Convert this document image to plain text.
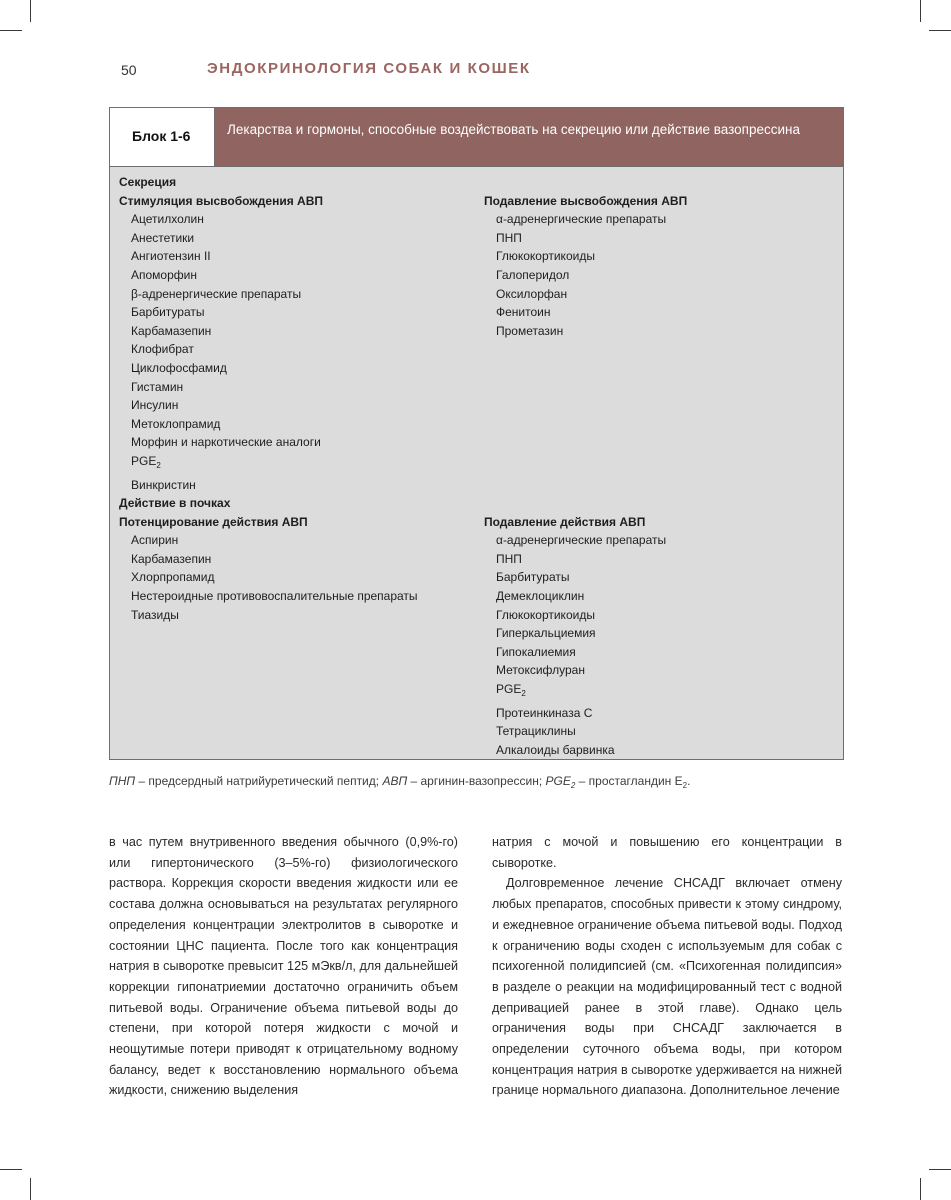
50	ЭНДОКРИНОЛОГИЯ СОБАК И КОШЕК
Блок 1-6	Лекарства и гормоны, способные воздействовать на секрецию или действие вазопрессина
Секреция
Стимуляция высвобождения АВП
Ацетилхолин
Анестетики
Ангиотензин II
Апоморфин
β-адренергические препараты
Барбитураты
Карбамазепин
Клофибрат
Циклофосфамид
Гистамин
Инсулин
Метоклопрамид
Морфин и наркотические аналоги
$PGE_2$
Винкристин
Подавление высвобождения АВП
α-адренергические препараты
ПНП
Глюкокортикоиды
Галоперидол
Оксилорфан
Фенитоин
Прометазин
Действие в почках
Потенцирование действия АВП
Аспирин
Карбамазепин
Хлорпропамид
Нестероидные противовоспалительные препараты
Тиазиды
Подавление действия АВП
α-адренергические препараты
ПНП
Барбитураты
Демеклоциклин
Глюкокортикоиды
Гиперкальциемия
Гипокалиемия
Метоксифлуран
$PGE_2$
Протеинкиназа С
Тетрациклины
Алкалоиды барвинка
ПНП – предсердный натрийуретический пептид; АВП – аргинин-вазопрессин; $PGE_2$ – простагландин $E_2$.

в час путем внутривенного введения обычного (0,9%-го) или гипертонического (3–5%-го) физиологического раствора. Коррекция скорости введения жидкости или ее состава должна основываться на результатах регулярного определения концентрации электролитов в сыворотке и состоянии ЦНС пациента. После того как концентрация натрия в сыворотке превысит 125 мЭкв/л, для дальнейшей коррекции гипонатриемии достаточно ограничить объем питьевой воды. Ограничение объема питьевой воды до степени, при которой потеря жидкости с мочой и неощутимые потери приводят к отрицательному водному балансу, ведет к восстановлению нормального объема жидкости, снижению выделения

натрия с мочой и повышению его концентрации в сыворотке.

Долговременное лечение СНСАДГ включает отмену любых препаратов, способных привести к этому синдрому, и ежедневное ограничение объема питьевой воды. Подход к ограничению воды сходен с используемым для собак с психогенной полидипсией (см. «Психогенная полидипсия» в разделе о реакции на модифицированный тест с водной депривацией ранее в этой главе). Однако цель ограничения воды при СНСАДГ заключается в определении суточного объема воды, при котором концентрация натрия в сыворотке удерживается на нижней границе нормального диапазона. Дополнительное лечение
